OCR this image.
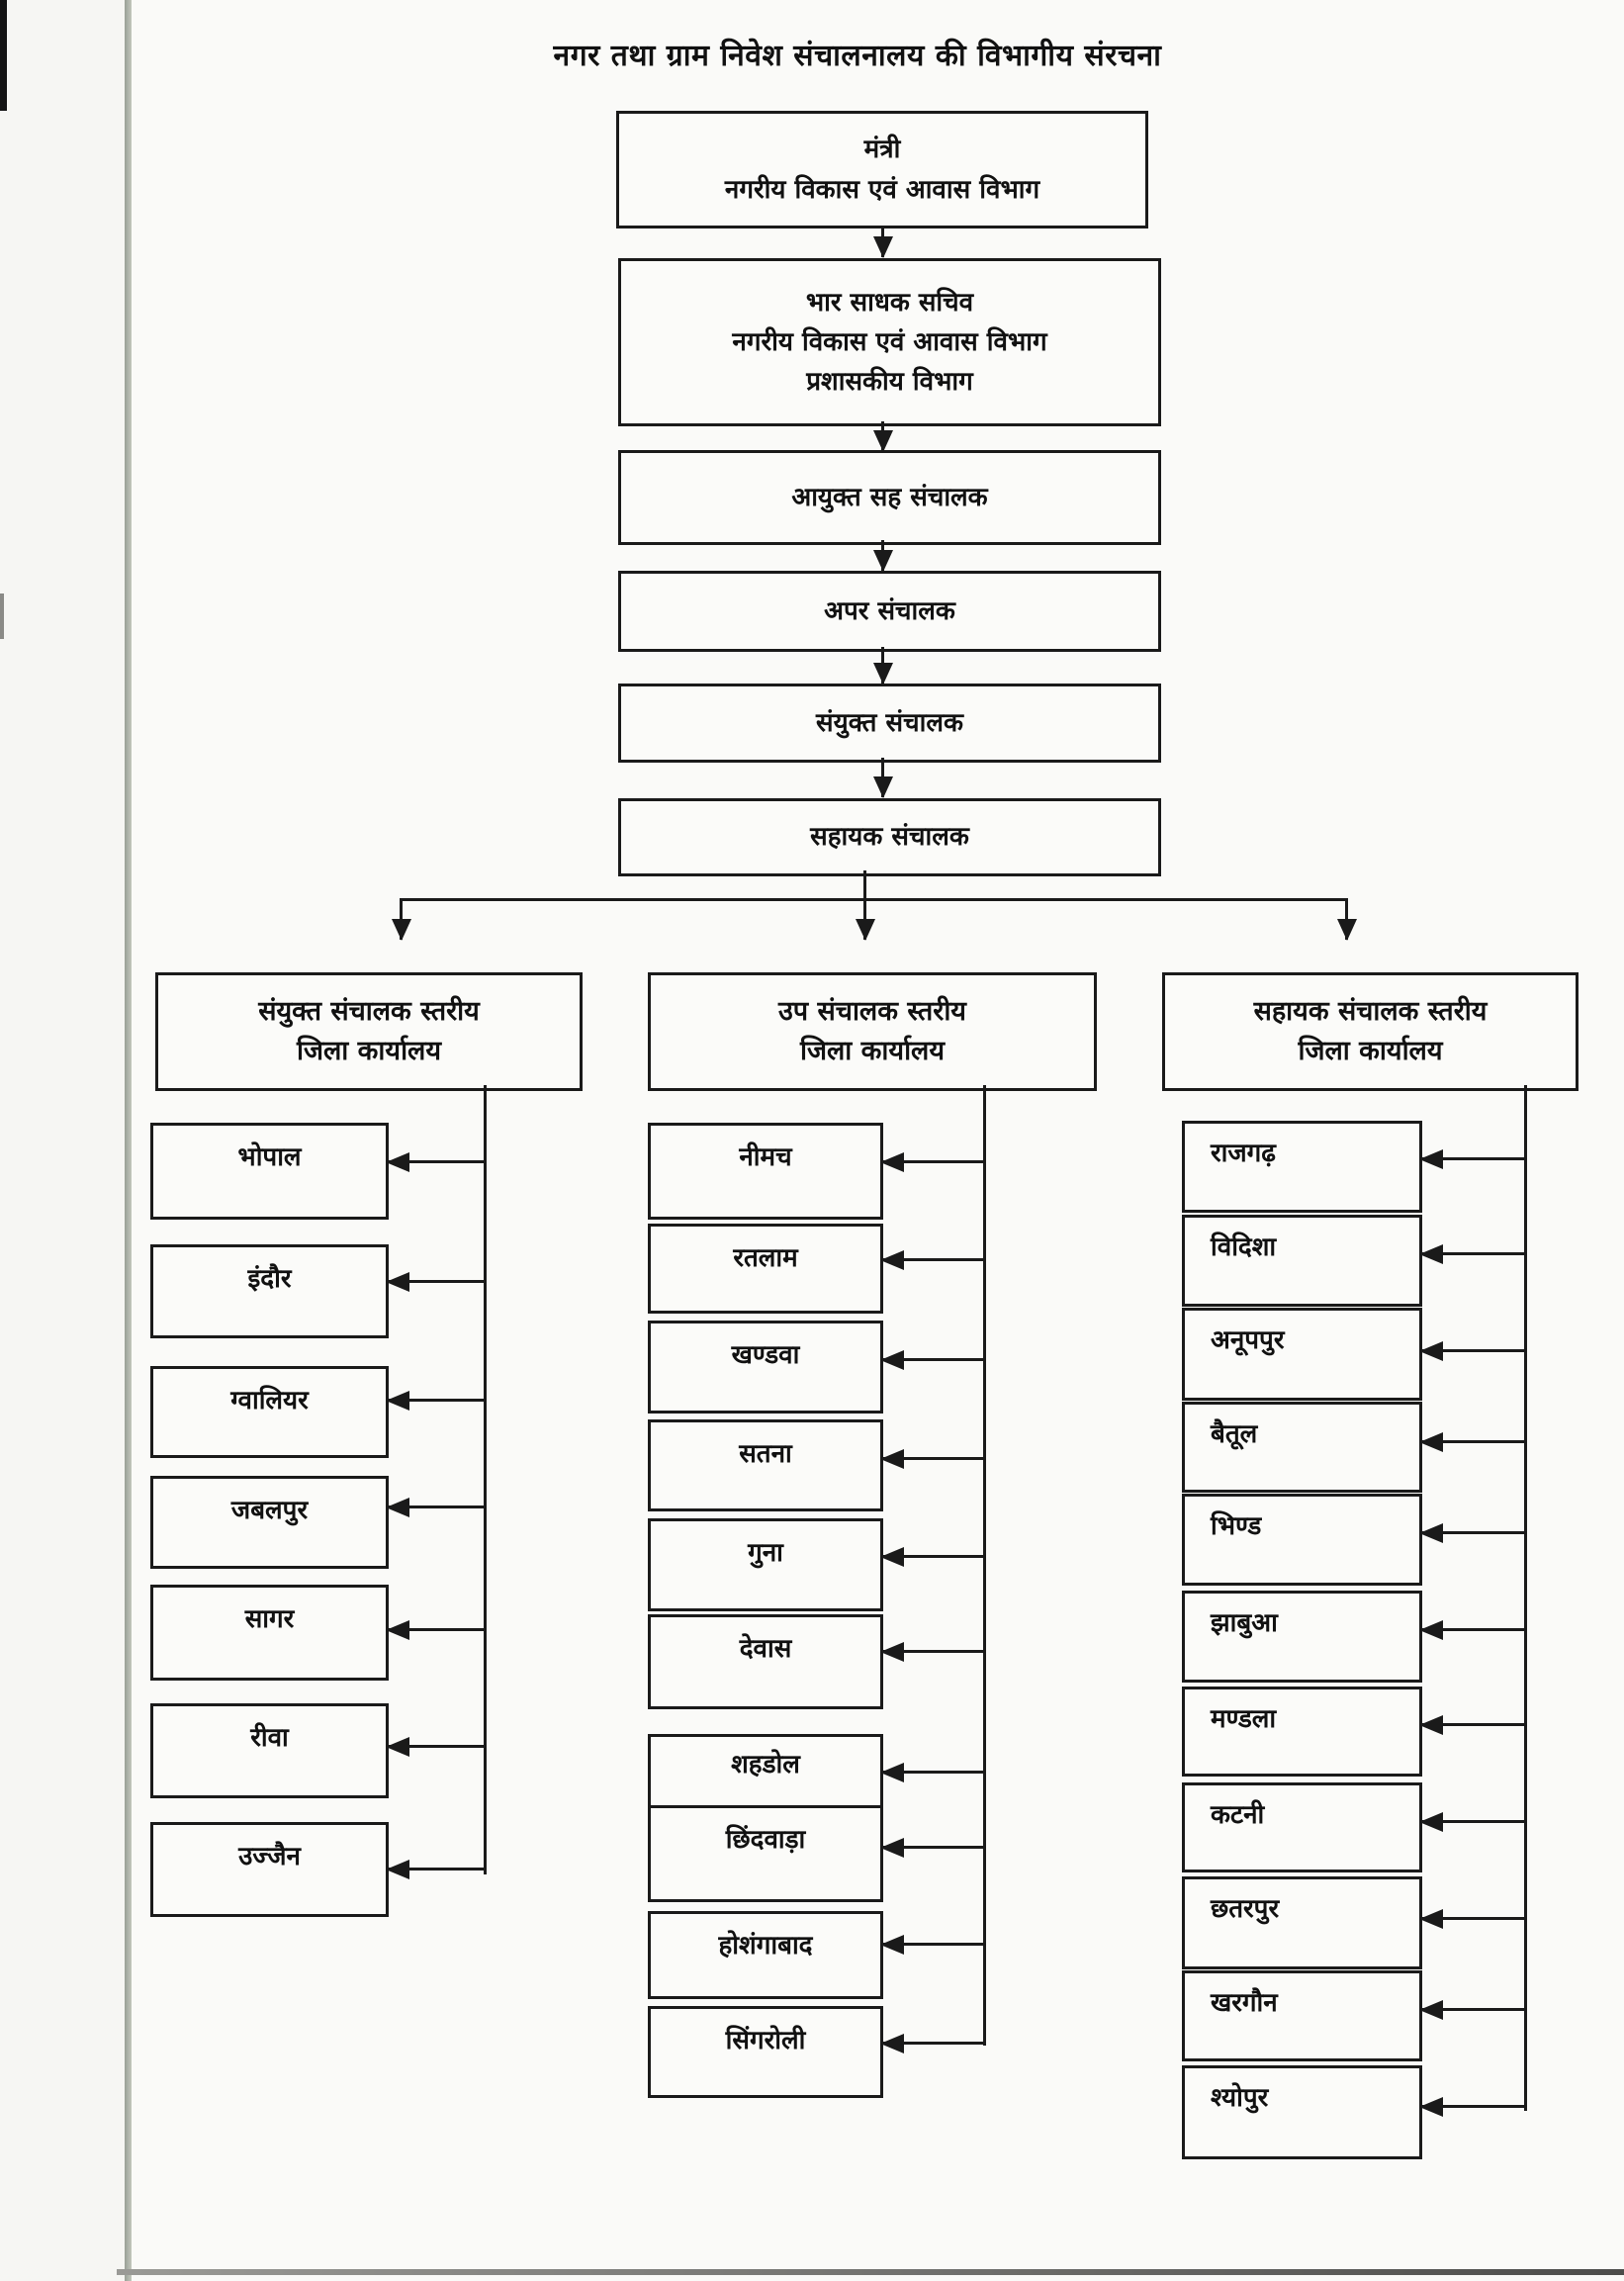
नगर तथा ग्राम निवेश संचालनालय की विभागीय संरचना
मंत्री
नगरीय विकास एवं आवास विभाग
भार साधक सचिव
नगरीय विकास एवं आवास विभाग
प्रशासकीय विभाग
आयुक्त सह संचालक
अपर संचालक
संयुक्त संचालक
सहायक संचालक
संयुक्त संचालक स्तरीय
जिला कार्यालय
उप संचालक स्तरीय
जिला कार्यालय
सहायक संचालक स्तरीय
जिला कार्यालय
भोपाल
इंदौर
ग्वालियर
जबलपुर
सागर
रीवा
उज्जैन
नीमच
रतलाम
खण्डवा
सतना
गुना
देवास
शहडोल
छिंदवाड़ा
होशंगाबाद
सिंगरोली
राजगढ़
विदिशा
अनूपपुर
बैतूल
भिण्ड
झाबुआ
मण्डला
कटनी
छतरपुर
खरगौन
श्योपुर
